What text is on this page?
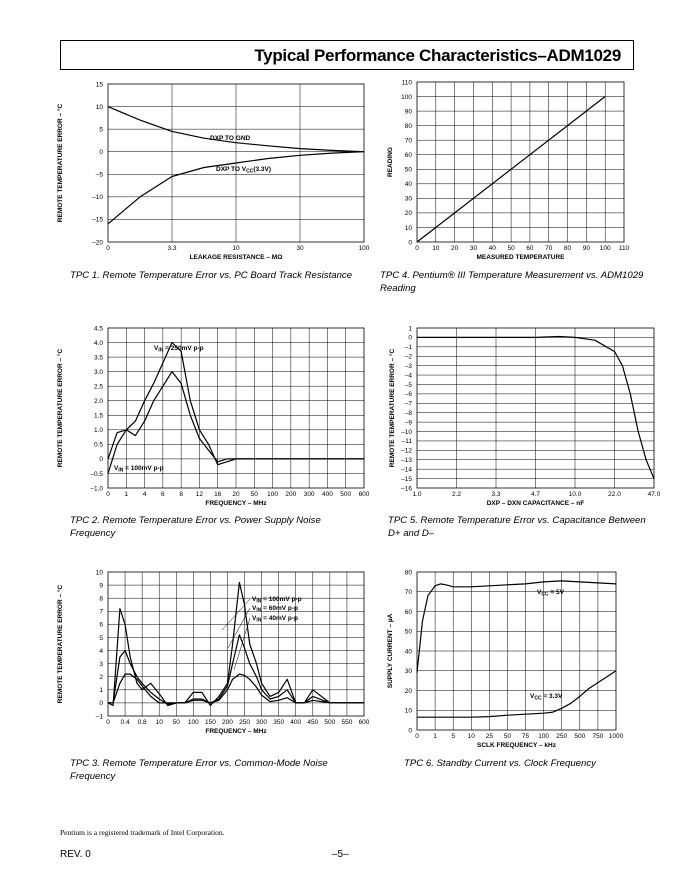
Typical Performance Characteristics–ADM1029
15
10
5
0
–5
–10
–15
–20
0	3.3	10	30	100
LEAKAGE RESISTANCE – MΩ
REMOTE TEMPERATURE ERROR – °C	DXP TO GND
DXP TO $V_{CC}(3.3V)$
TPC 1. Remote Temperature Error vs. PC Board Track Resistance
110
100
90
80
70
60
50
40
30
20
10
0
0 10 20 30 40 50 60 70 80 90 100 110
MEASURED TEMPERATURE
READING
TPC 4. Pentium® III Temperature Measurement vs. ADM1029 Reading
4.5
4.0
3.5
3.0
2.5
2.0
1.5
1.0
0.5
0
–0.5
–1.0
0 1 4 6 8 12 16 20 50 100 200 300 400 500 600
FREQUENCY – MHz
REMOTE TEMPERATURE ERROR – °C
$V_{IN} = 250mV$ p-p
$V_{IN} = 100mV$ p-p
TPC 2. Remote Temperature Error vs. Power Supply Noise Frequency
1
0
–1
–2
–3
–4
–5
–6
–7
–8
–9
–10
–11
–12
–13
–14
–15
–16
1.0	2.2	3.3	4.7	10.0	22.0	47.0
DXP – DXN CAPACITANCE – nF
REMOTE TEMPERATURE ERROR – °C
TPC 5. Remote Temperature Error vs. Capacitance Between D+ and D–
10
9
8
7
6
5
4
3
2
1
0
–1
0 0.4 0.8 10 50 100 150 200 250 300 350 400 450 500 550 600
FREQUENCY – MHz
REMOTE TEMPERATURE ERROR – °C	$V_{IN} = 100mV$ p-p
$V_{IN} = 60mV$ p-p
$V_{IN} = 40mV$ p-p
TPC 3. Remote Temperature Error vs. Common-Mode Noise Frequency
80
70
60
50
40
30
20
10
0
0 1 5 10 25 50 75 100 250 500 750 1000
SCLK FREQUENCY – kHz
SUPPLY CURRENT – µA
$V_{CC} = 5V$
$V_{CC} = 3.3V$
TPC 6. Standby Current vs. Clock Frequency
Pentium is a registered trademark of Intel Corporation.
REV. 0	–5–
